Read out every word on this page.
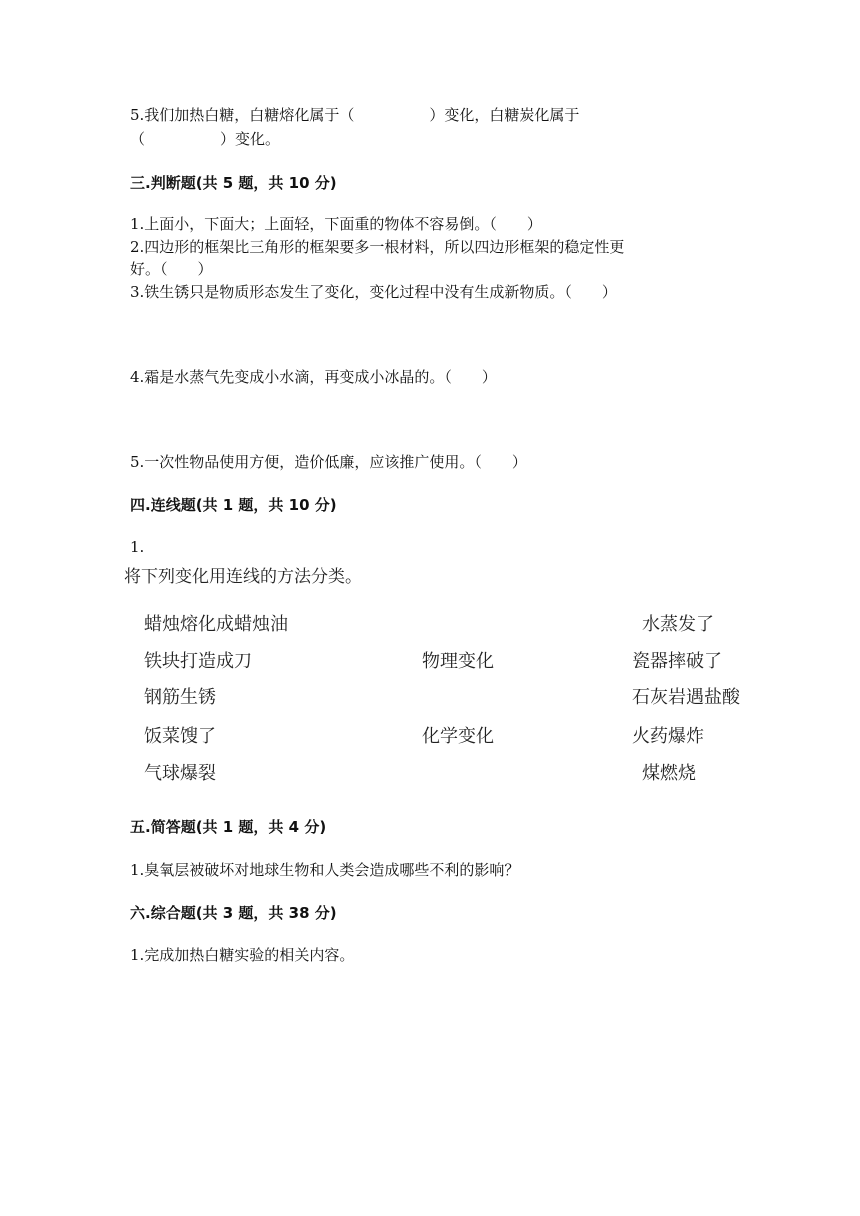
5.我们加热白糖，白糖熔化属于（　　　　　）变化，白糖炭化属于
（　　　　　）变化。
三.判断题(共 5 题，共 10 分)
1.上面小，下面大；上面轻，下面重的物体不容易倒。（　　）
2.四边形的框架比三角形的框架要多一根材料，所以四边形框架的稳定性更
好。（　　）
3.铁生锈只是物质形态发生了变化，变化过程中没有生成新物质。（　　）
4.霜是水蒸气先变成小水滴，再变成小冰晶的。（　　）
5.一次性物品使用方便，造价低廉，应该推广使用。（　　）
四.连线题(共 1 题，共 10 分)
1.
将下列变化用连线的方法分类。
蜡烛熔化成蜡烛油
铁块打造成刀
钢筋生锈
饭菜馊了
气球爆裂
物理变化
化学变化
水蒸发了
瓷器摔破了
石灰岩遇盐酸
火药爆炸
煤燃烧
五.简答题(共 1 题，共 4 分)
1.臭氧层被破坏对地球生物和人类会造成哪些不利的影响？
六.综合题(共 3 题，共 38 分)
1.完成加热白糖实验的相关内容。
